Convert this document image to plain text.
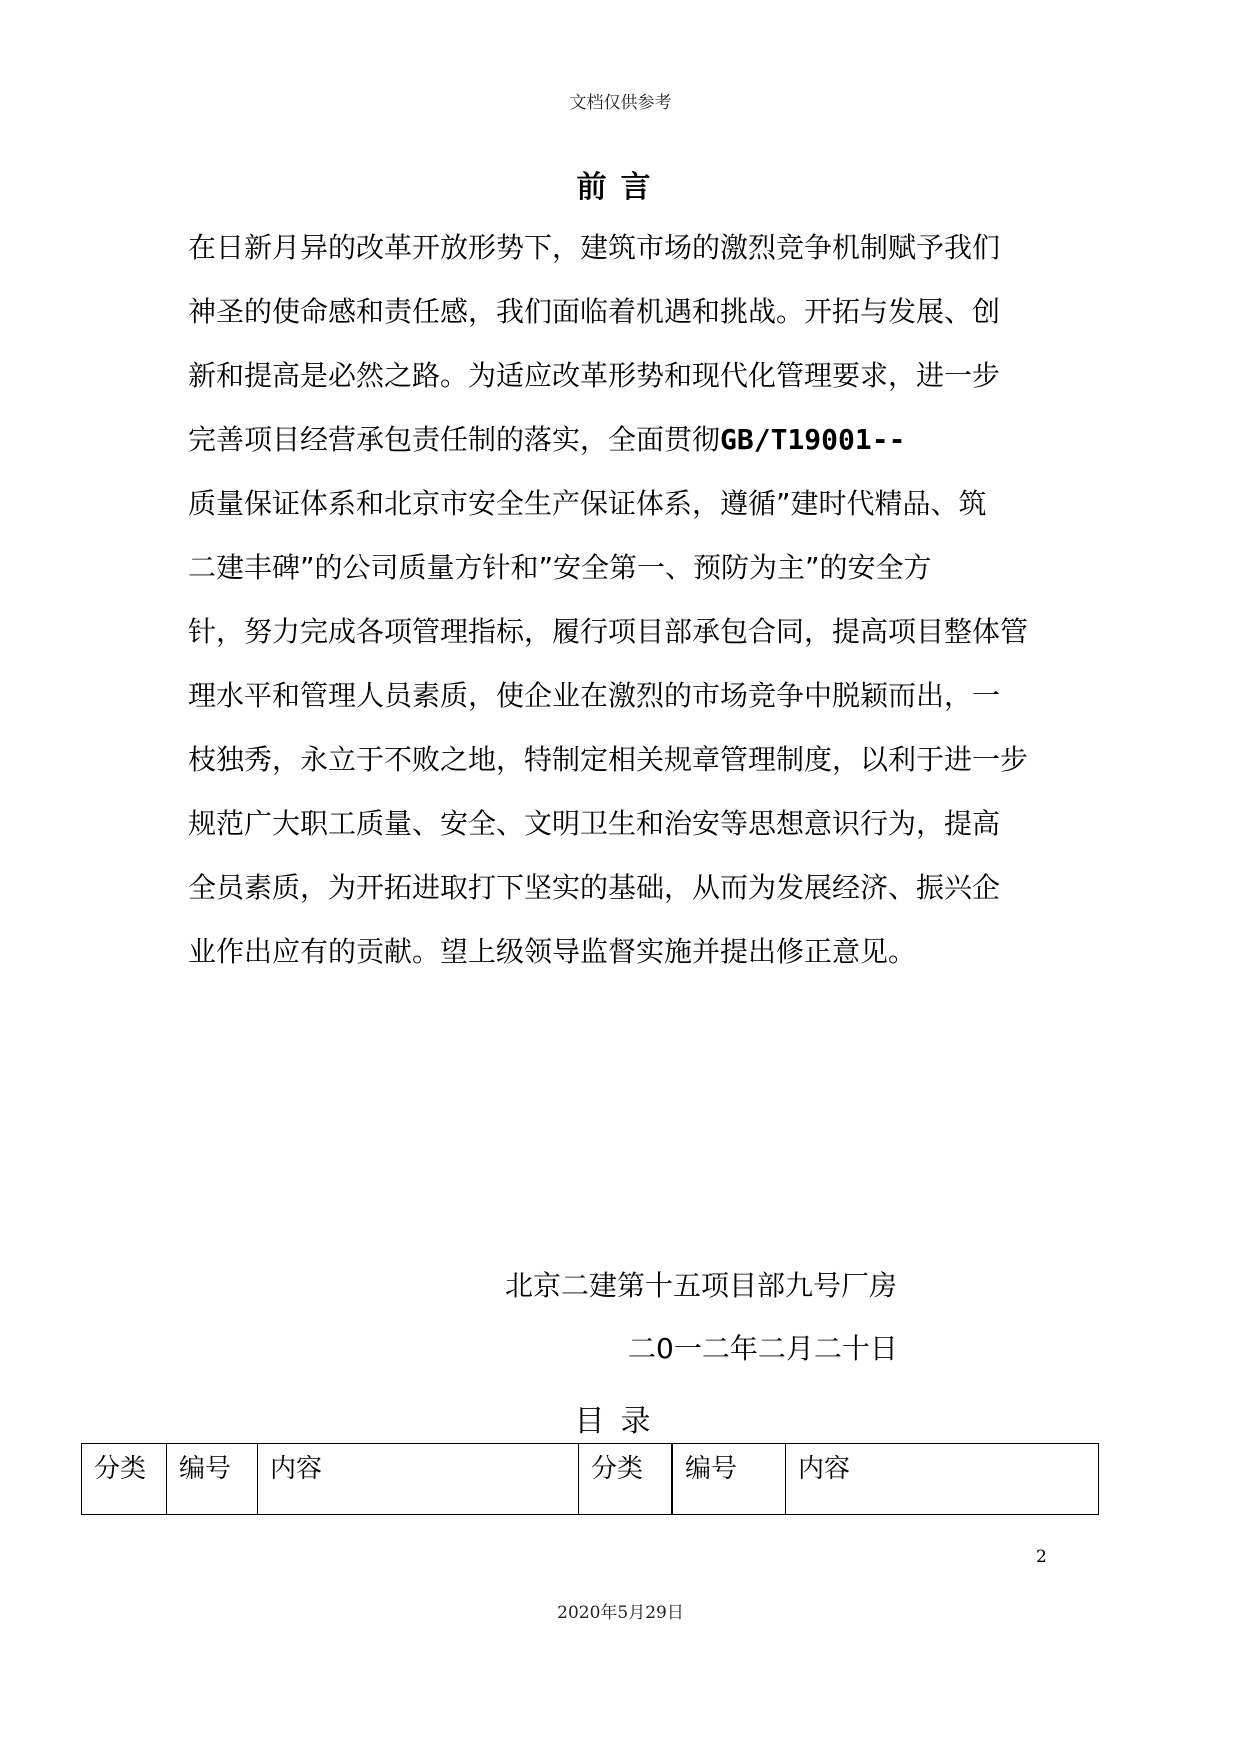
文档仅供参考
前言
在日新月异的改革开放形势下，建筑市场的激烈竞争机制赋予我们
神圣的使命感和责任感，我们面临着机遇和挑战。开拓与发展、创
新和提高是必然之路。为适应改革形势和现代化管理要求，进一步
完善项目经营承包责任制的落实，全面贯彻GB/T19001--
质量保证体系和北京市安全生产保证体系，遵循”建时代精品、筑
二建丰碑”的公司质量方针和”安全第一、预防为主”的安全方
针，努力完成各项管理指标，履行项目部承包合同，提高项目整体管
理水平和管理人员素质，使企业在激烈的市场竞争中脱颖而出，一
枝独秀，永立于不败之地，特制定相关规章管理制度，以利于进一步
规范广大职工质量、安全、文明卫生和治安等思想意识行为，提高
全员素质，为开拓进取打下坚实的基础，从而为发展经济、振兴企
业作出应有的贡献。望上级领导监督实施并提出修正意见。
北京二建第十五项目部九号厂房
二0一二年二月二十日
目录
分类	编号	内容	分类	编号	内容
2
2020年5月29日
